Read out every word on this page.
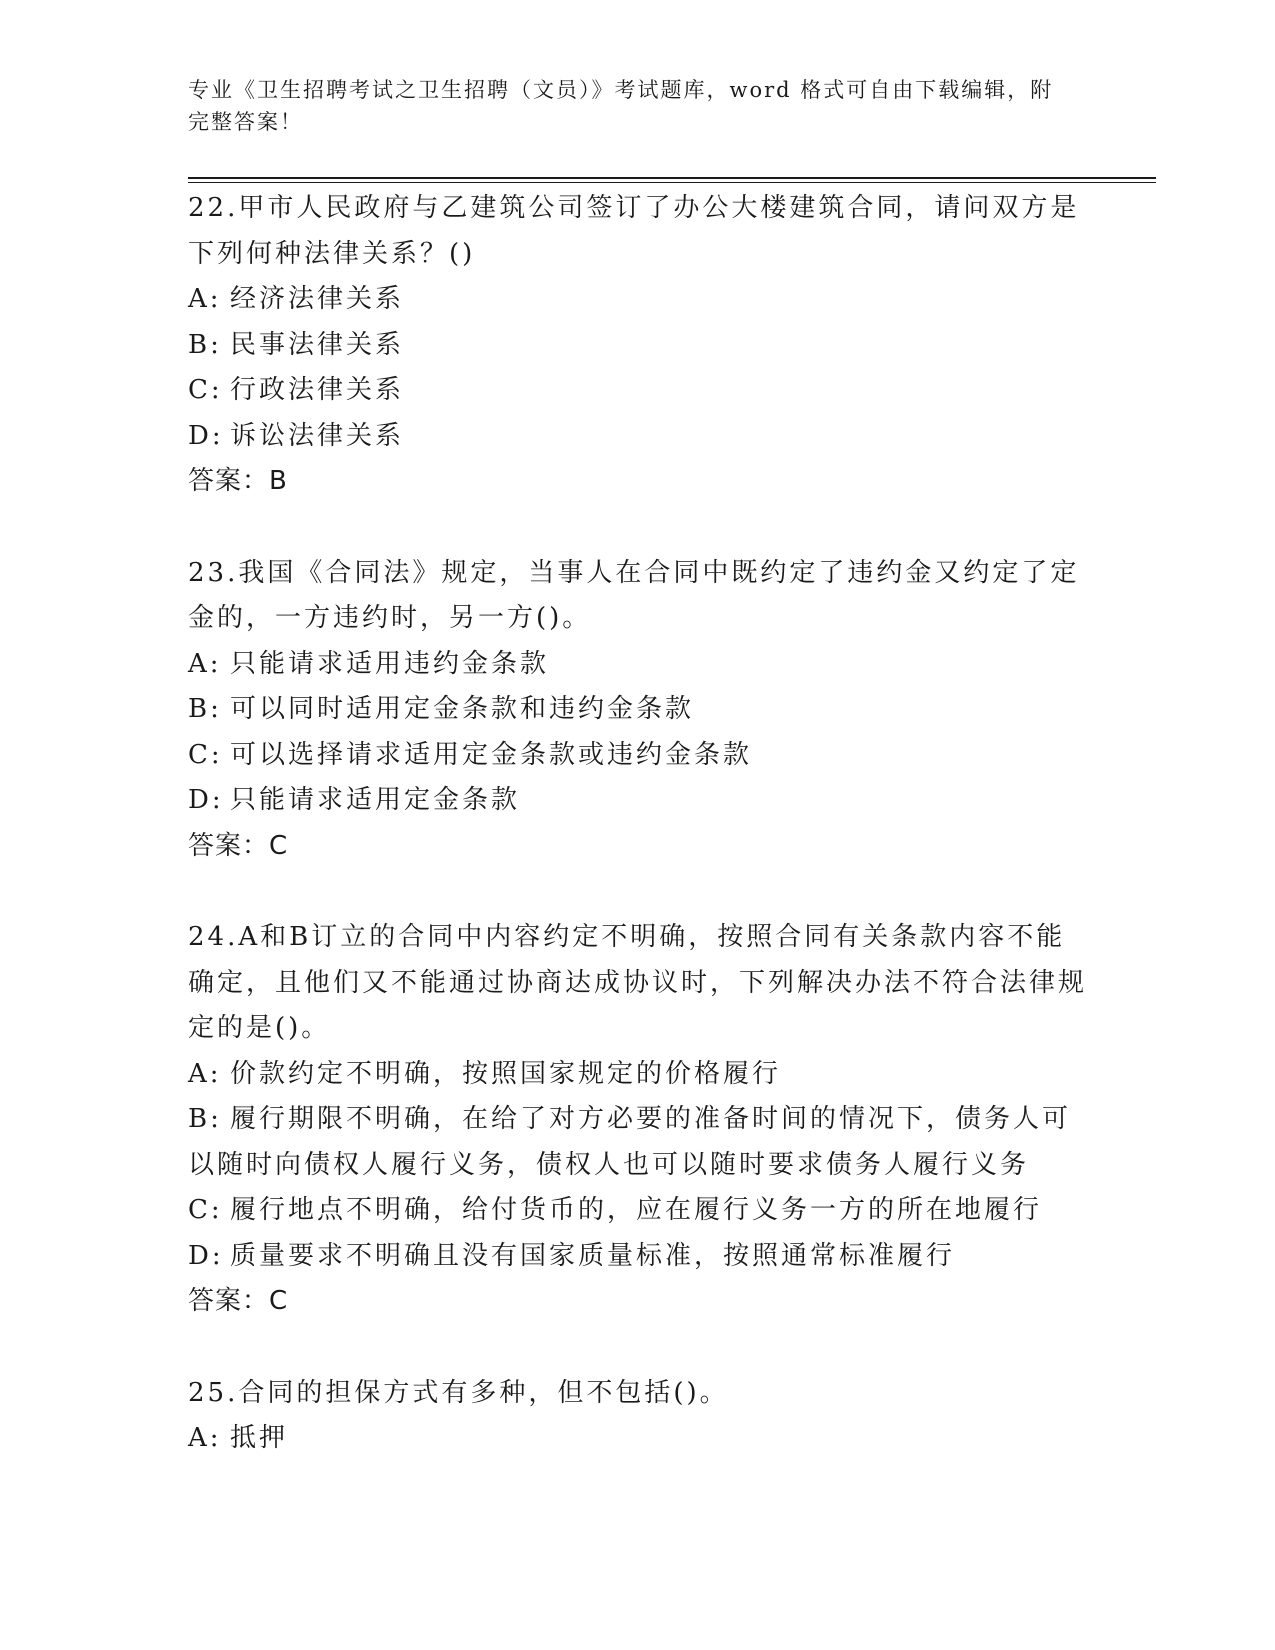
专业《卫生招聘考试之卫生招聘（文员）》考试题库，word 格式可自由下载编辑，附完整答案！
22.甲市人民政府与乙建筑公司签订了办公大楼建筑合同，请问双方是下列何种法律关系？()
A: 经济法律关系
B: 民事法律关系
C: 行政法律关系
D: 诉讼法律关系
答案：B
23.我国《合同法》规定，当事人在合同中既约定了违约金又约定了定金的，一方违约时，另一方()。
A: 只能请求适用违约金条款
B: 可以同时适用定金条款和违约金条款
C: 可以选择请求适用定金条款或违约金条款
D: 只能请求适用定金条款
答案：C
24.A和B订立的合同中内容约定不明确，按照合同有关条款内容不能确定，且他们又不能通过协商达成协议时，下列解决办法不符合法律规定的是()。
A: 价款约定不明确，按照国家规定的价格履行
B: 履行期限不明确，在给了对方必要的准备时间的情况下，债务人可以随时向债权人履行义务，债权人也可以随时要求债务人履行义务
C: 履行地点不明确，给付货币的，应在履行义务一方的所在地履行
D: 质量要求不明确且没有国家质量标准，按照通常标准履行
答案：C
25.合同的担保方式有多种，但不包括()。
A: 抵押
